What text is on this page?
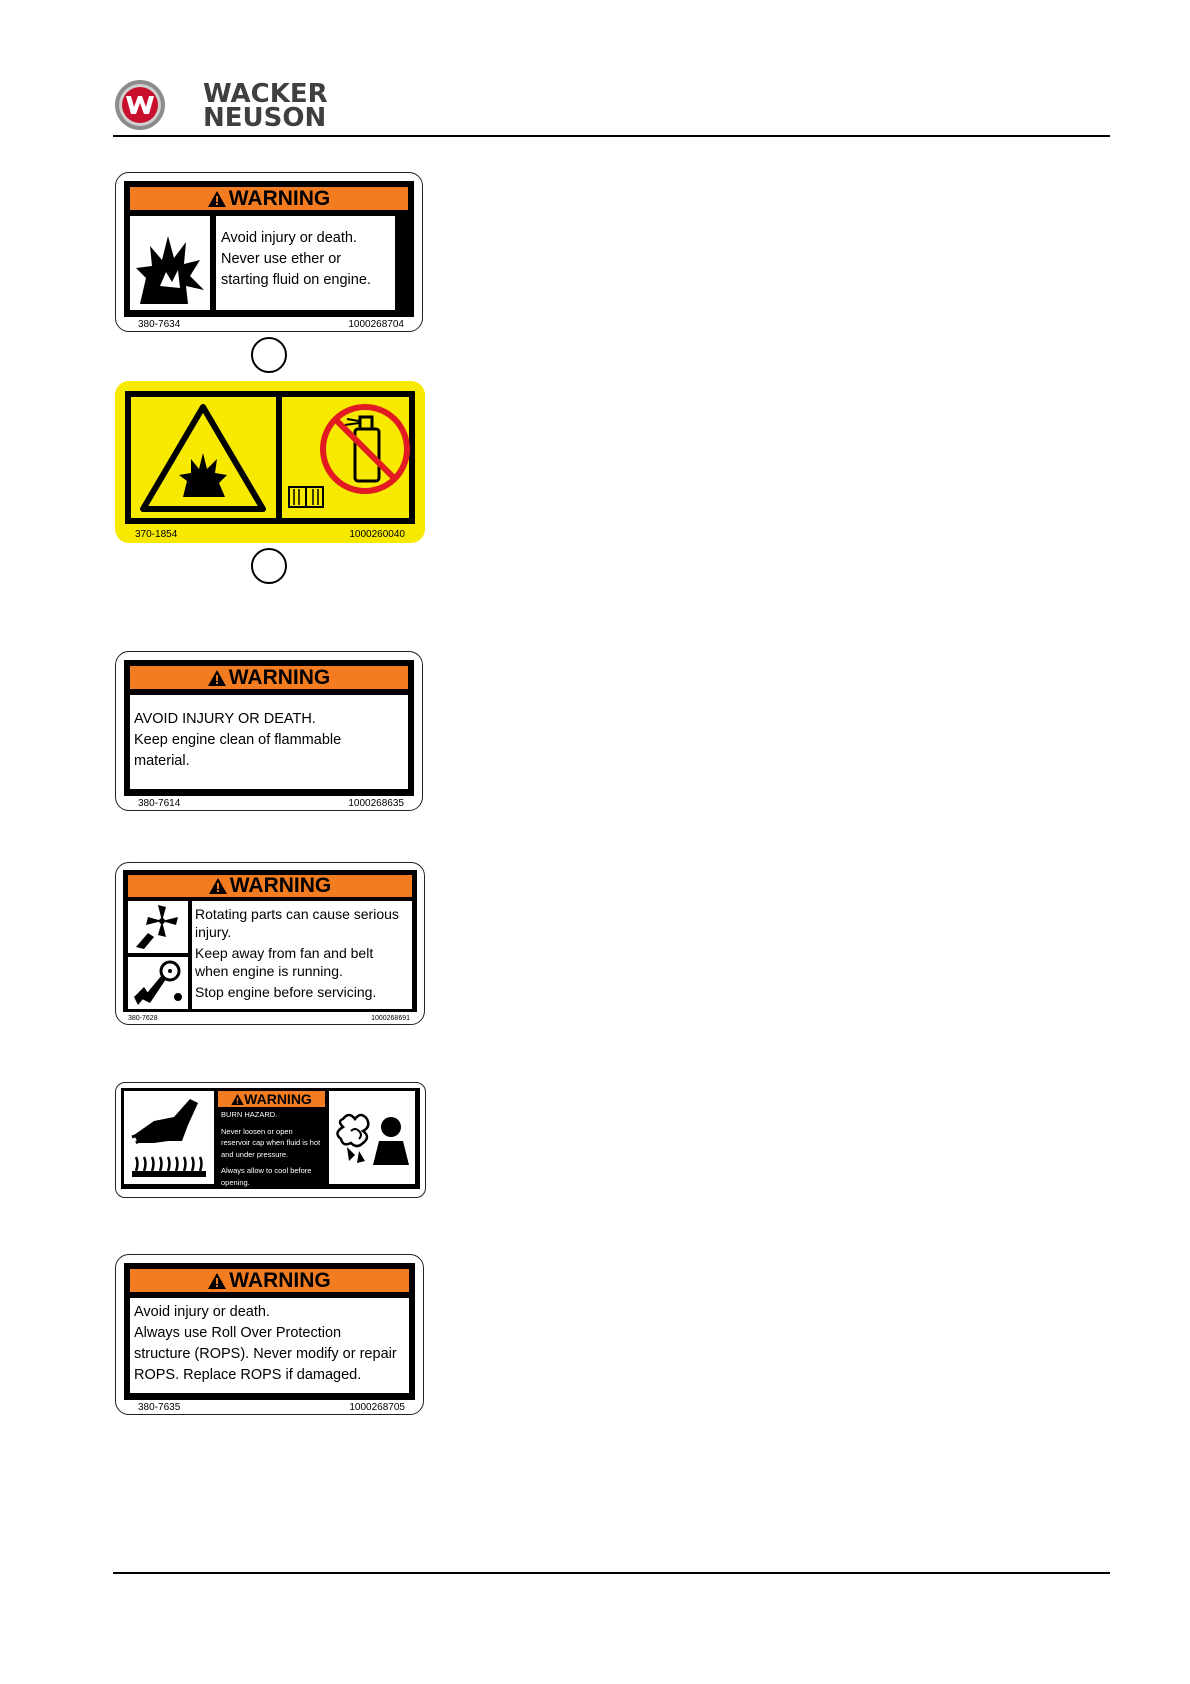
WACKER
NEUSON
WARNING
Avoid injury or death.
Never use ether or
starting fluid on engine.
380-7634	1000268704
370-1854	1000260040
WARNING
AVOID INJURY OR DEATH.
Keep engine clean of flammable
material.
380-7614	1000268635
WARNING
Rotating parts can cause serious
injury.
Keep away from fan and belt
when engine is running.
Stop engine before servicing.
380-7628	1000268691
WARNING
BURN HAZARD.
Never loosen or open
reservoir cap when fluid is hot
and under pressure.
Always allow to cool before
opening.
WARNING
Avoid injury or death.
Always use Roll Over Protection
structure (ROPS). Never modify or repair
ROPS. Replace ROPS if damaged.
380-7635	1000268705
